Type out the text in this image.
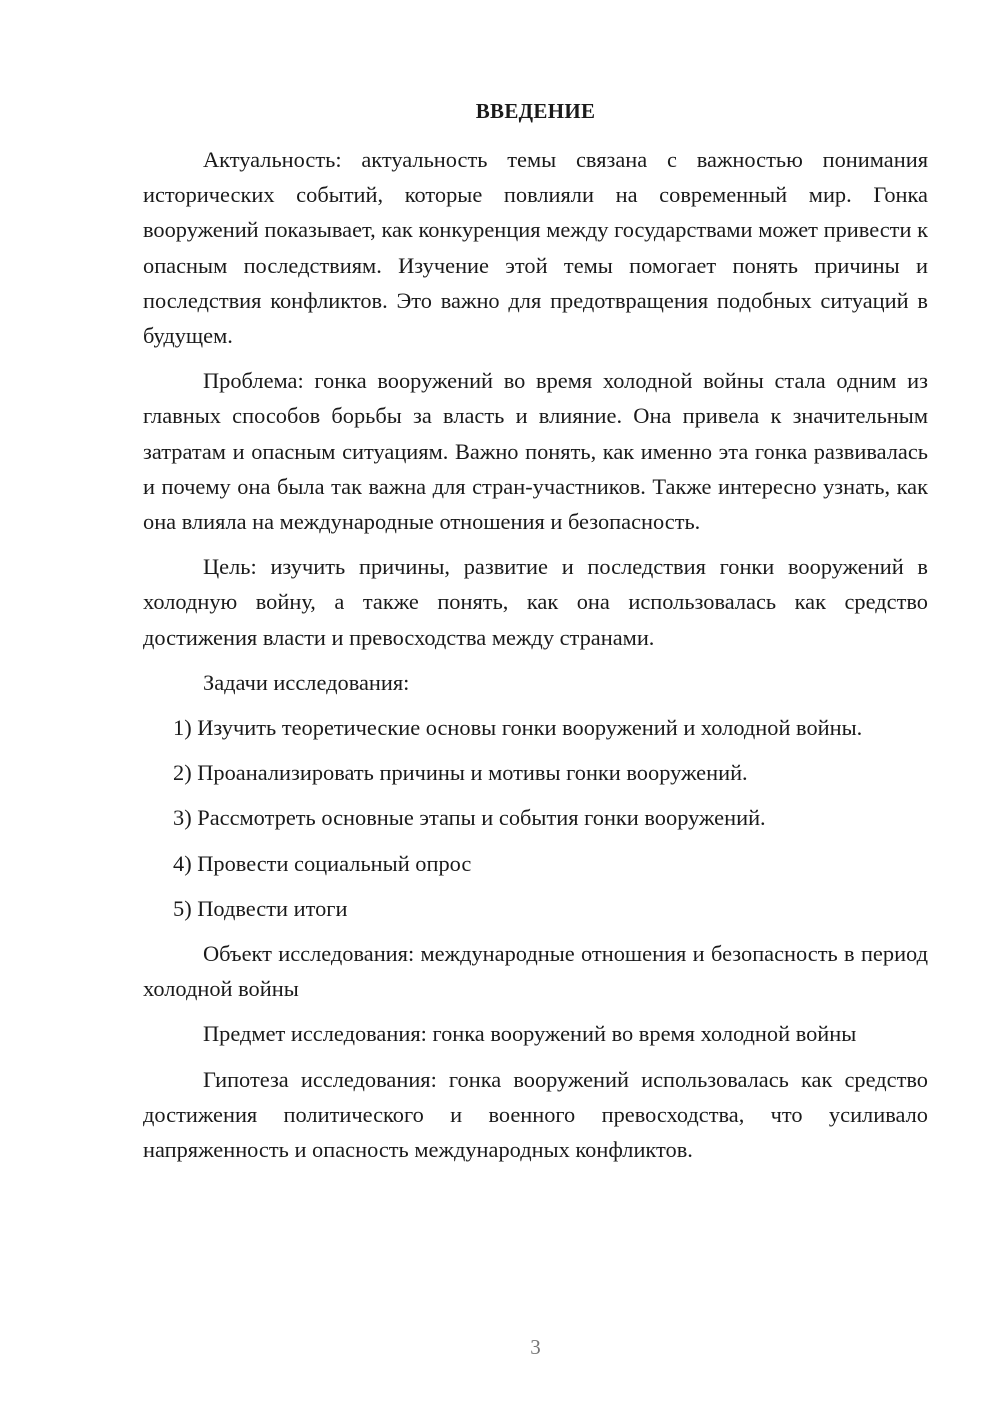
ВВЕДЕНИЕ

Актуальность: актуальность темы связана с важностью понимания исторических событий, которые повлияли на современный мир. Гонка вооружений показывает, как конкуренция между государствами может привести к опасным последствиям. Изучение этой темы помогает понять причины и последствия конфликтов. Это важно для предотвращения подобных ситуаций в будущем.

Проблема: гонка вооружений во время холодной войны стала одним из главных способов борьбы за власть и влияние. Она привела к значительным затратам и опасным ситуациям. Важно понять, как именно эта гонка развивалась и почему она была так важна для стран-участников. Также интересно узнать, как она влияла на международные отношения и безопасность.

Цель: изучить причины, развитие и последствия гонки вооружений в холодную войну, а также понять, как она использовалась как средство достижения власти и превосходства между странами.

Задачи исследования:

1) Изучить теоретические основы гонки вооружений и холодной войны.

2) Проанализировать причины и мотивы гонки вооружений.

3) Рассмотреть основные этапы и события гонки вооружений.

4) Провести социальный опрос

5) Подвести итоги

Объект исследования: международные отношения и безопасность в период холодной войны

Предмет исследования: гонка вооружений во время холодной войны

Гипотеза исследования: гонка вооружений использовалась как средство достижения политического и военного превосходства, что усиливало напряженность и опасность международных конфликтов.

3
